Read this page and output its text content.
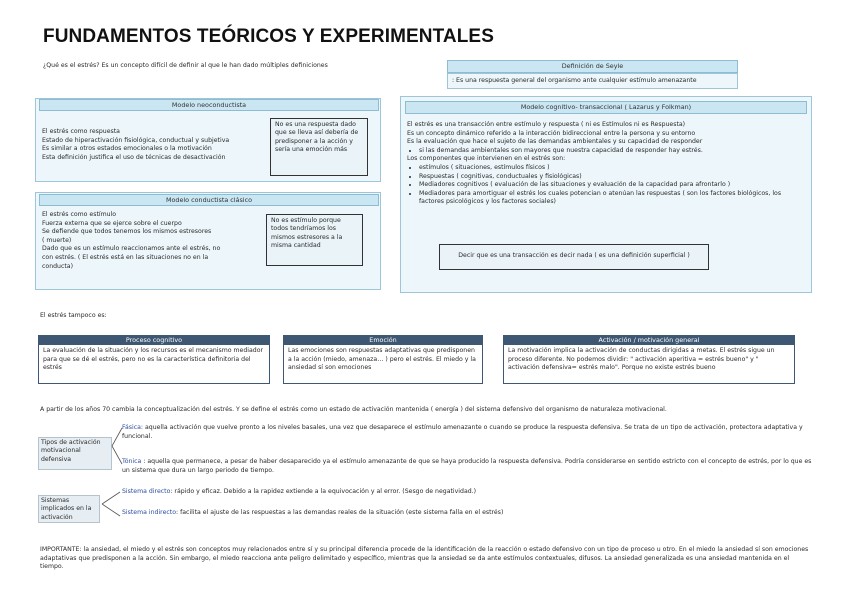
FUNDAMENTOS TEÓRICOS Y EXPERIMENTALES
¿Qué es el estrés? Es un concepto difícil de definir al que le han dado múltiples definiciones	Definición de Seyle
: Es una respuesta general del organismo ante cualquier estímulo amenazante
Modelo neoconductista
El estrés como respuesta
Estado de hiperactivación fisiológica, conductual y subjetiva
Es similar a otros estados emocionales o la motivación
Esta definición justifica el uso de técnicas de desactivación
No es una respuesta dado que se lleva así debería de predisponer a la acción y sería una emoción más
Modelo conductista clásico
El estrés como estímulo
Fuerza externa que se ejerce sobre el cuerpo
Se defiende que todos tenemos los mismos estresores
( muerte)
Dado que es un estímulo reaccionamos ante el estrés, no
con estrés. ( El estrés está en las situaciones no en la
conducta)
No es estímulo porque todos tendríamos los mismos estresores a la misma cantidad
Modelo cognitivo- transaccional ( Lazarus y Folkman)
El estrés es una transacción entre estímulo y respuesta ( ni es Estímulos ni es Respuesta)
Es un concepto dinámico referido a la interacción bidireccional entre la persona y su entorno
Es la evaluación que hace el sujeto de las demandas ambientales y su capacidad de responder
• si las demandas ambientales son mayores que nuestra capacidad de responder hay estrés.
Los componentes que intervienen en el estrés son:
• estímulos ( situaciones, estímulos físicos )
• Respuestas ( cognitivas, conductuales y fisiológicas)
• Mediadores cognitivos ( evaluación de las situaciones y evaluación de la capacidad para afrontarlo )
• Mediadores para amortiguar el estrés los cuales potencian o atenúan las respuestas ( son los factores biológicos, los factores psicológicos y los factores sociales)
Decir que es una transacción es decir nada ( es una definición superficial )
El estrés tampoco es:
Proceso cognitivo
La evaluación de la situación y los recursos es el mecanismo mediador para que se dé el estrés, pero no es la característica definitoria del estrés
Emoción
Las emociones son respuestas adaptativas que predisponen a la acción (miedo, amenaza… ) pero el estrés. El miedo y la ansiedad sí son emociones
Activación / motivación general
La motivación implica la activación de conductas dirigidas a metas. El estrés sigue un proceso diferente. No podemos dividir: " activación aperitiva = estrés bueno" y " activación defensiva= estrés malo". Porque no existe estrés bueno
A partir de los años 70 cambia la conceptualización del estrés. Y se define el estrés como un estado de activación mantenida ( energía ) del sistema defensivo del organismo de naturaleza motivacional.
Tipos de activación motivacional defensiva
Fásica: aquella activación que vuelve pronto a los niveles basales, una vez que desaparece el estímulo amenazante o cuando se produce la respuesta defensiva. Se trata de un tipo de activación, protectora adaptativa y funcional.
Tónica : aquella que permanece, a pesar de haber desaparecido ya el estímulo amenazante de que se haya producido la respuesta defensiva. Podría considerarse en sentido estricto con el concepto de estrés, por lo que es un sistema que dura un largo periodo de tiempo.
Sistemas implicados en la activación
Sistema directo: rápido y eficaz. Debido a la rapidez extiende a la equivocación y al error. (Sesgo de negatividad.)
Sistema indirecto: facilita el ajuste de las respuestas a las demandas reales de la situación (este sistema falla en el estrés)
IMPORTANTE: la ansiedad, el miedo y el estrés son conceptos muy relacionados entre sí y su principal diferencia procede de la identificación de la reacción o estado defensivo con un tipo de proceso u otro. En el miedo la ansiedad sí son emociones adaptativas que predisponen a la acción. Sin embargo, el miedo reacciona ante peligro delimitado y específico, mientras que la ansiedad se da ante estímulos contextuales, difusos. La ansiedad generalizada es una ansiedad mantenida en el tiempo.
